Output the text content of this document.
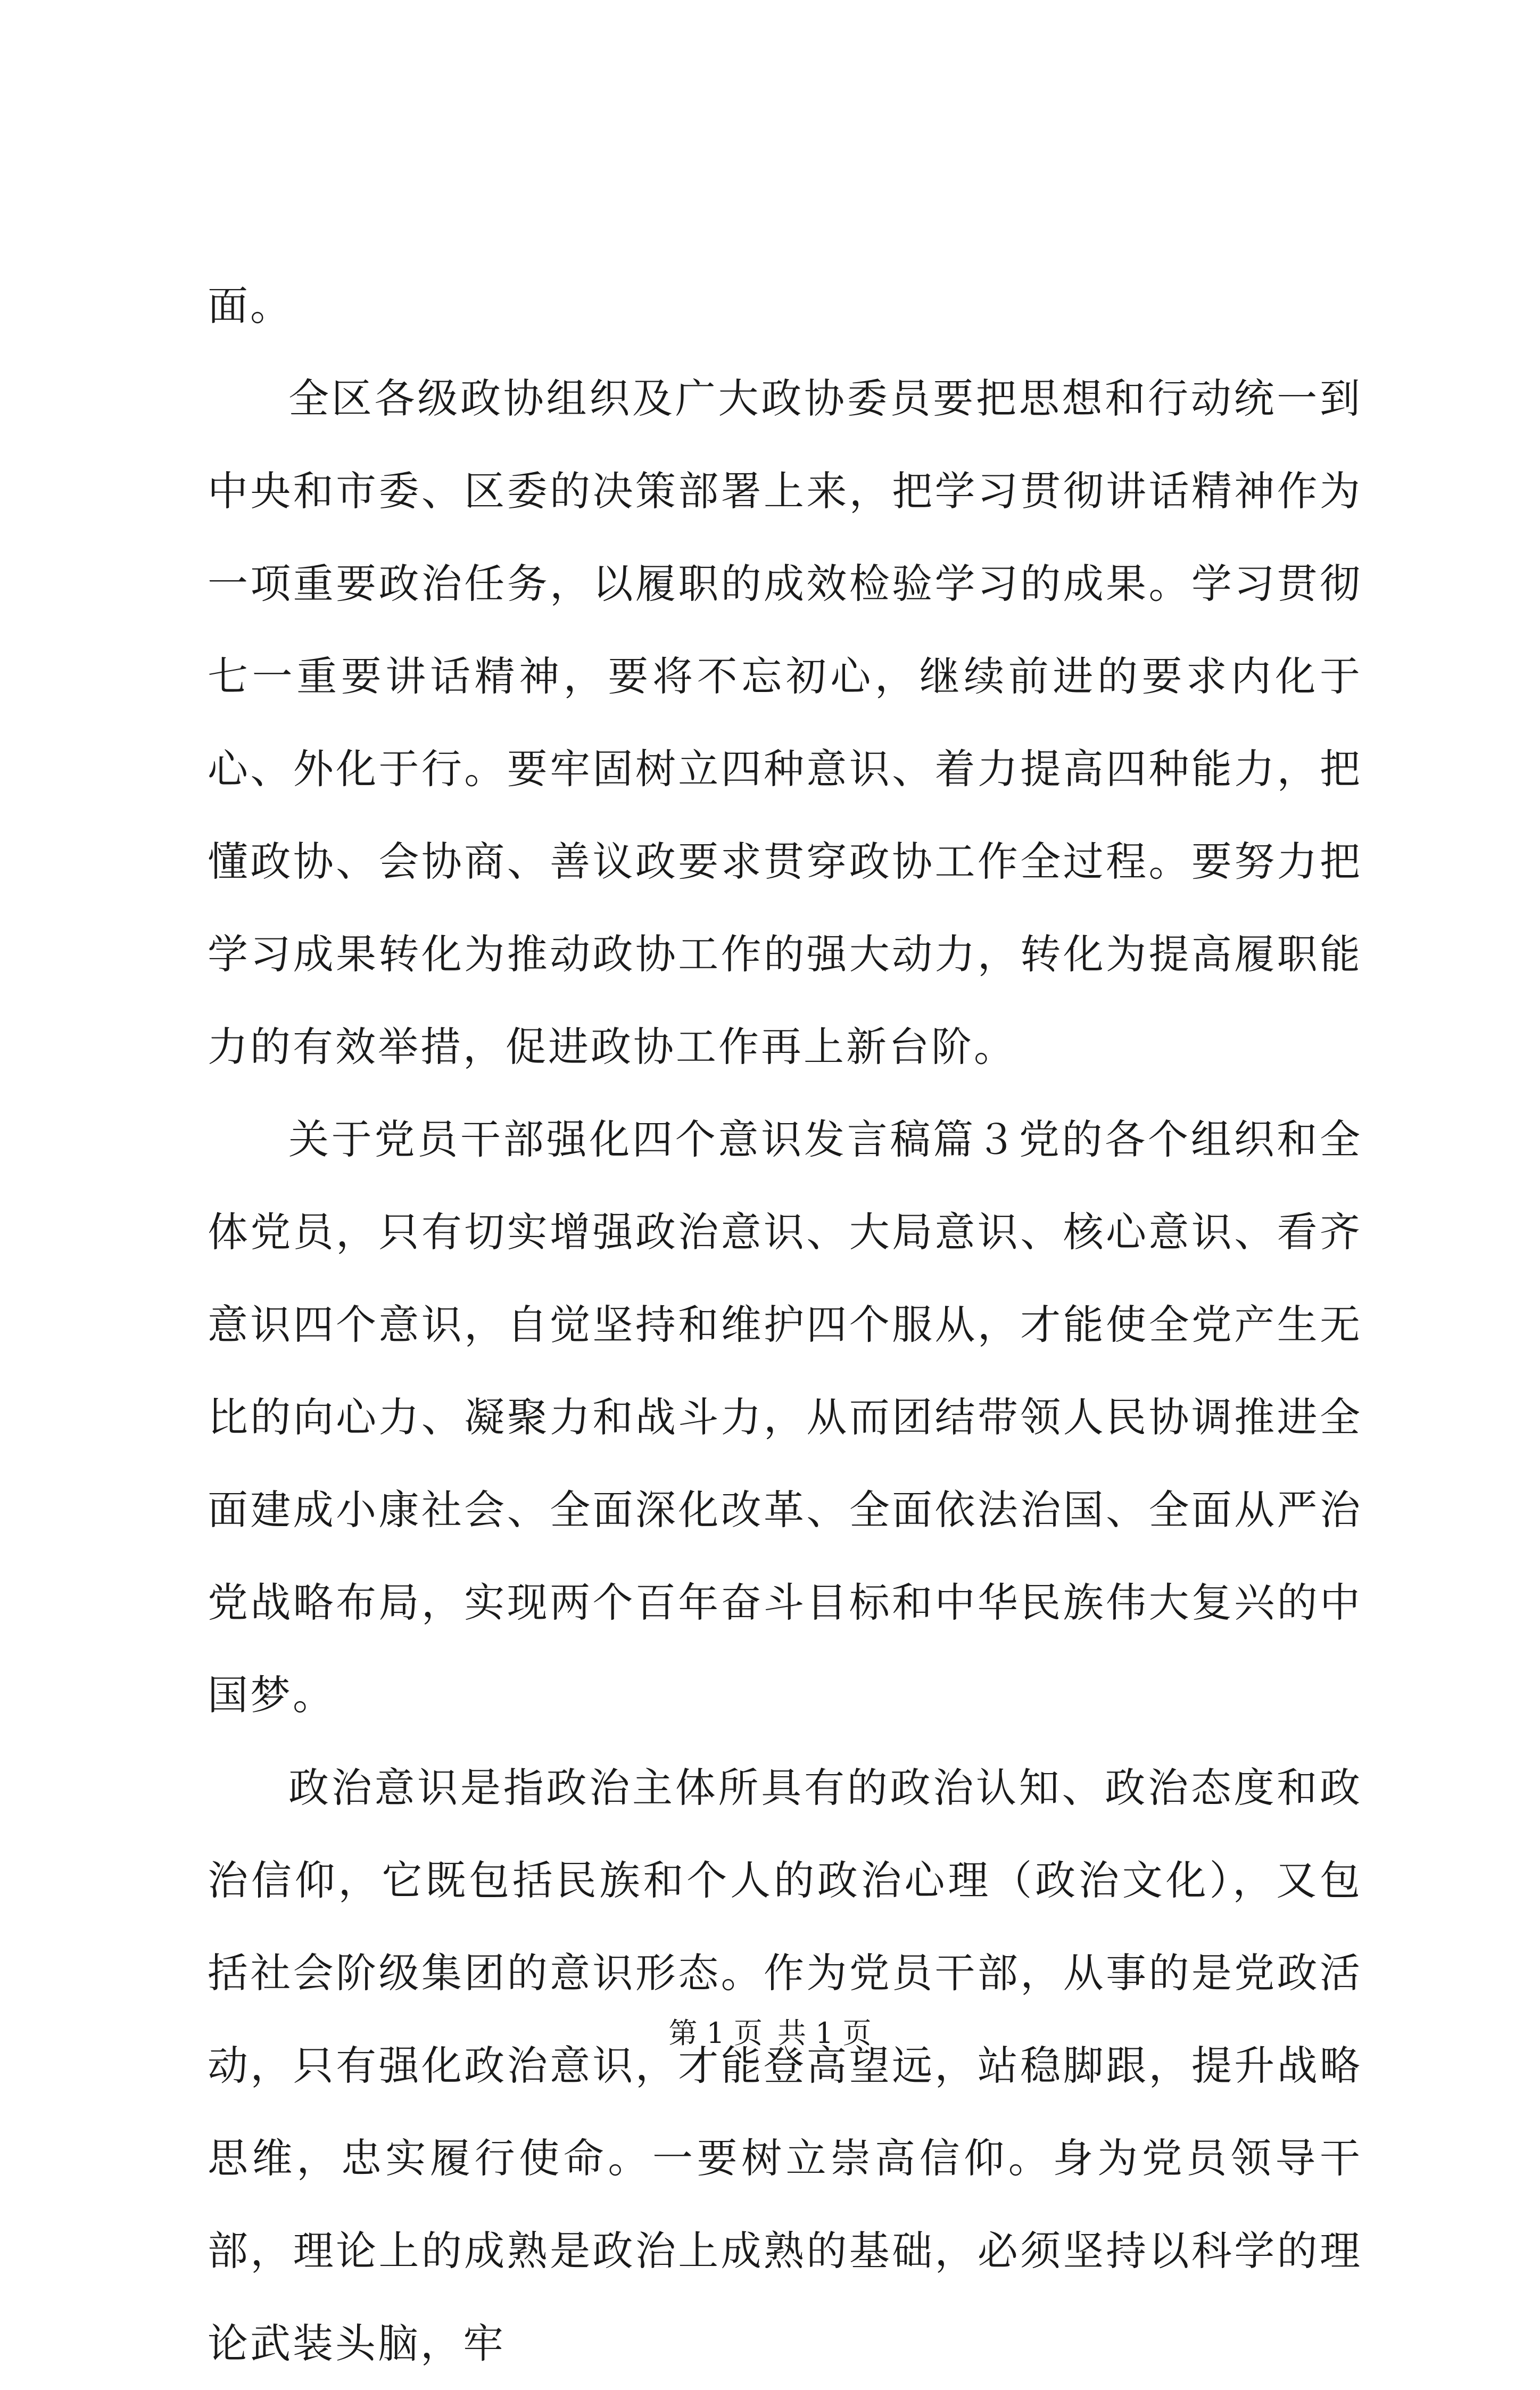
面。

全区各级政协组织及广大政协委员要把思想和行动统一到中央和市委、区委的决策部署上来，把学习贯彻讲话精神作为一项重要政治任务，以履职的成效检验学习的成果。学习贯彻七一重要讲话精神，要将不忘初心，继续前进的要求内化于心、外化于行。要牢固树立四种意识、着力提高四种能力，把懂政协、会协商、善议政要求贯穿政协工作全过程。要努力把学习成果转化为推动政协工作的强大动力，转化为提高履职能力的有效举措，促进政协工作再上新台阶。

关于党员干部强化四个意识发言稿篇３党的各个组织和全体党员，只有切实增强政治意识、大局意识、核心意识、看齐意识四个意识，自觉坚持和维护四个服从，才能使全党产生无比的向心力、凝聚力和战斗力，从而团结带领人民协调推进全面建成小康社会、全面深化改革、全面依法治国、全面从严治党战略布局，实现两个百年奋斗目标和中华民族伟大复兴的中国梦。

政治意识是指政治主体所具有的政治认知、政治态度和政治信仰，它既包括民族和个人的政治心理（政治文化），又包括社会阶级集团的意识形态。作为党员干部，从事的是党政活动，只有强化政治意识，才能登高望远，站稳脚跟，提升战略思维，忠实履行使命。一要树立崇高信仰。身为党员领导干部，理论上的成熟是政治上成熟的基础，必须坚持以科学的理论武装头脑，牢

第 1 页 共 1 页
